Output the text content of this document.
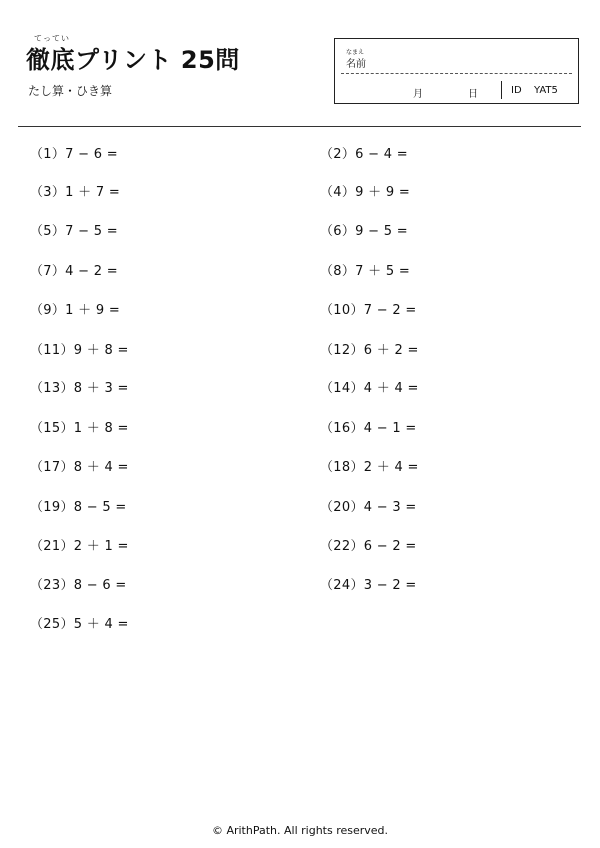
てってい
徹底プリント 25問
たし算・ひき算
なまえ
名前
月	日	ID YAT5
（1）7 − 6 =	（2）6 − 4 =
（3）1 ＋ 7 =	（4）9 ＋ 9 =
（5）7 − 5 =	（6）9 − 5 =
（7）4 − 2 =	（8）7 ＋ 5 =
（9）1 ＋ 9 =	（10）7 − 2 =
（11）9 ＋ 8 =	（12）6 ＋ 2 =
（13）8 ＋ 3 =	（14）4 ＋ 4 =
（15）1 ＋ 8 =	（16）4 − 1 =
（17）8 ＋ 4 =	（18）2 ＋ 4 =
（19）8 − 5 =	（20）4 − 3 =
（21）2 ＋ 1 =	（22）6 − 2 =
（23）8 − 6 =	（24）3 − 2 =
（25）5 ＋ 4 =
© ArithPath. All rights reserved.
